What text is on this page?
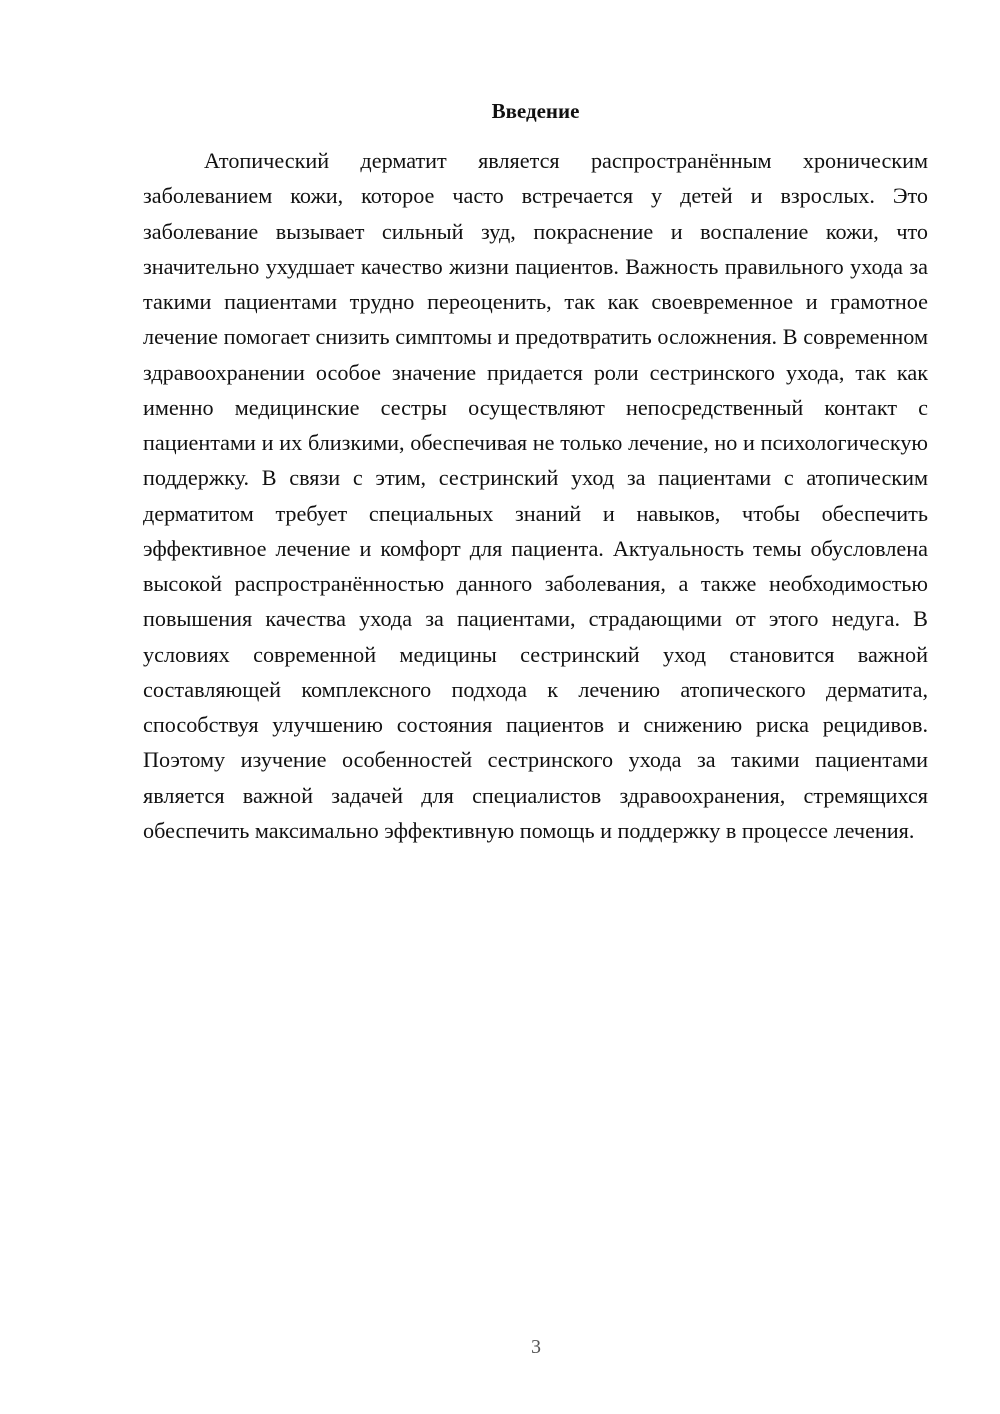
Введение

Атопический дерматит является распространённым хроническим заболеванием кожи, которое часто встречается у детей и взрослых. Это заболевание вызывает сильный зуд, покраснение и воспаление кожи, что значительно ухудшает качество жизни пациентов. Важность правильного ухода за такими пациентами трудно переоценить, так как своевременное и грамотное лечение помогает снизить симптомы и предотвратить осложнения. В современном здравоохранении особое значение придается роли сестринского ухода, так как именно медицинские сестры осуществляют непосредственный контакт с пациентами и их близкими, обеспечивая не только лечение, но и психологическую поддержку. В связи с этим, сестринский уход за пациентами с атопическим дерматитом требует специальных знаний и навыков, чтобы обеспечить эффективное лечение и комфорт для пациента. Актуальность темы обусловлена высокой распространённостью данного заболевания, а также необходимостью повышения качества ухода за пациентами, страдающими от этого недуга. В условиях современной медицины сестринский уход становится важной составляющей комплексного подхода к лечению атопического дерматита, способствуя улучшению состояния пациентов и снижению риска рецидивов. Поэтому изучение особенностей сестринского ухода за такими пациентами является важной задачей для специалистов здравоохранения, стремящихся обеспечить максимально эффективную помощь и поддержку в процессе лечения.

3
